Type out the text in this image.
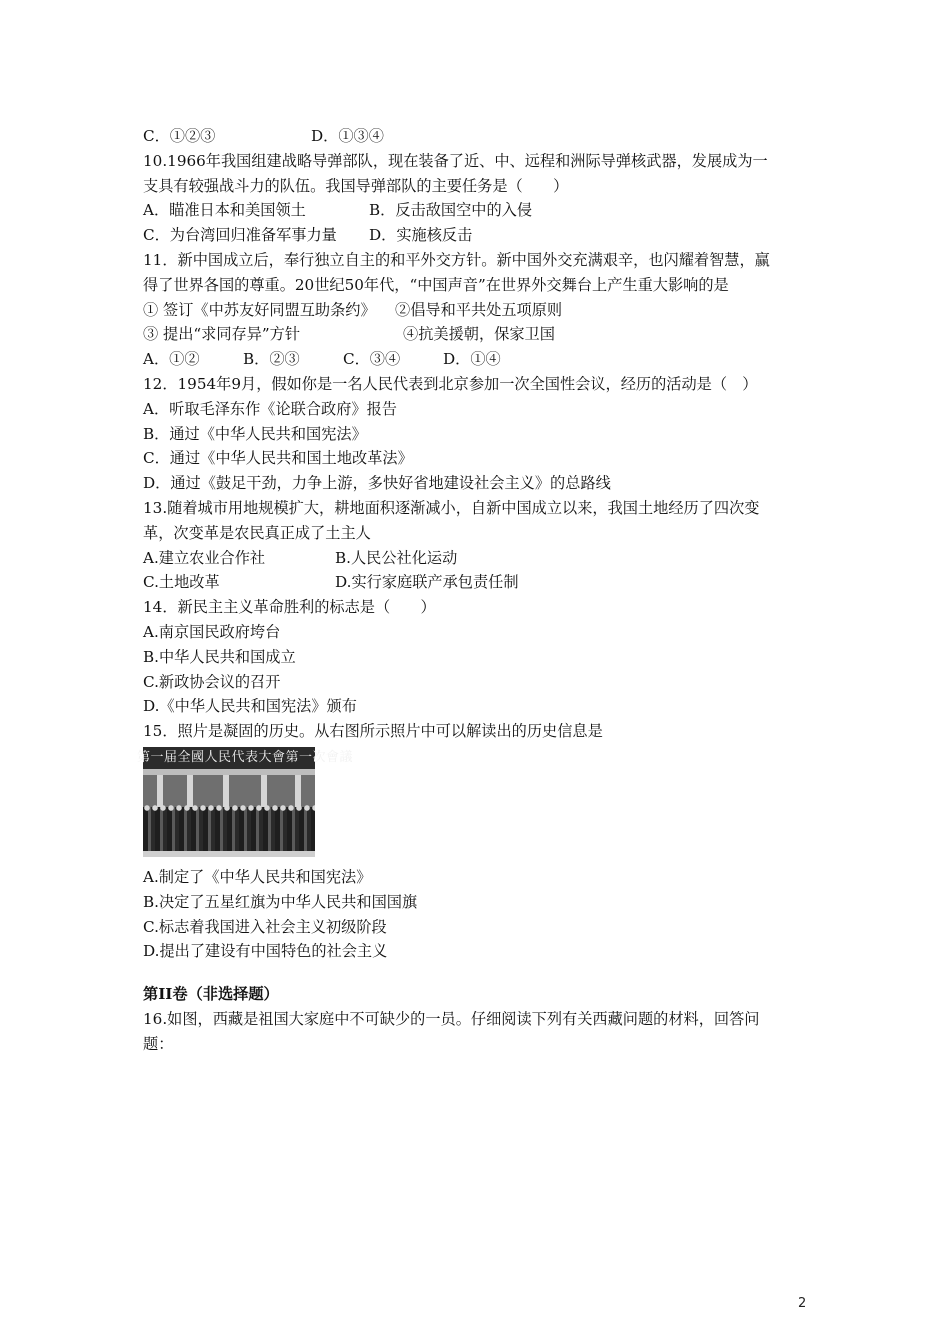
C．①②③	D．①③④
10.1966年我国组建战略导弹部队，现在装备了近、中、远程和洲际导弹核武器，发展成为一
支具有较强战斗力的队伍。我国导弹部队的主要任务是（　　）
A．瞄准日本和美国领土	B．反击敌国空中的入侵
C．为台湾回归准备军事力量 D．实施核反击
11．新中国成立后，奉行独立自主的和平外交方针。新中国外交充满艰辛，也闪耀着智慧，赢
得了世界各国的尊重。20世纪50年代，“中国声音”在世界外交舞台上产生重大影响的是
① 签订《中苏友好同盟互助条约》 ②倡导和平共处五项原则
③ 提出“求同存异”方针	④抗美援朝，保家卫国
A．①②	B．②③	C．③④	D．①④
12．1954年9月，假如你是一名人民代表到北京参加一次全国性会议，经历的活动是（　）
A．听取毛泽东作《论联合政府》报告
B．通过《中华人民共和国宪法》
C．通过《中华人民共和国土地改革法》
D．通过《鼓足干劲，力争上游，多快好省地建设社会主义》的总路线
13.随着城市用地规模扩大，耕地面积逐渐减小，自新中国成立以来，我国土地经历了四次变
革，次变革是农民真正成了土主人
A.建立农业合作社	B.人民公社化运动
C.土地改革	D.实行家庭联产承包责任制
14．新民主主义革命胜利的标志是（　　）
A.南京国民政府垮台
B.中华人民共和国成立
C.新政协会议的召开
D.《中华人民共和国宪法》颁布
15．照片是凝固的历史。从右图所示照片中可以解读出的历史信息是
第一届全國人民代表大會第一次會議
A.制定了《中华人民共和国宪法》
B.决定了五星红旗为中华人民共和国国旗
C.标志着我国进入社会主义初级阶段
D.提出了建设有中国特色的社会主义
第II卷（非选择题）
16.如图，西藏是祖国大家庭中不可缺少的一员。仔细阅读下列有关西藏问题的材料，回答问
题：
2
